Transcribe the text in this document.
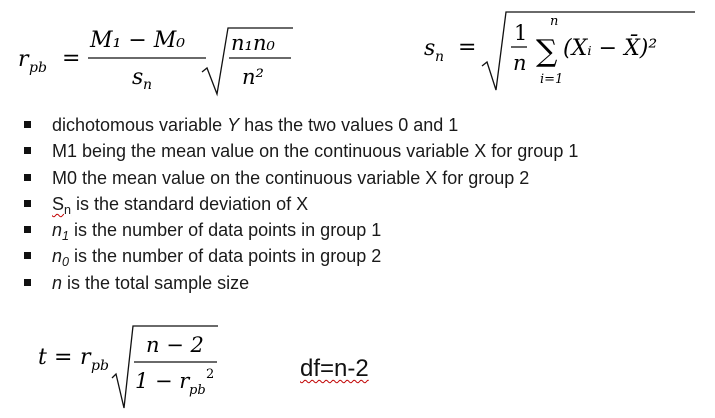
r pb =
M₁ − M₀
s n
n₁n₀
n²
s n =
1
n
n
∑
i=1
(Xᵢ − X̄)²
dichotomous variable Y has the two values 0 and 1
M1 being the mean value on the continuous variable X for group 1
M0 the mean value on the continuous variable X for group 2
$S_n$ is the standard deviation of X
$n_1$ is the number of data points in group 1
$n_0$ is the number of data points in group 2
n is the total sample size
t = r pb
n − 2
1 − r pb
2	df=n-2
